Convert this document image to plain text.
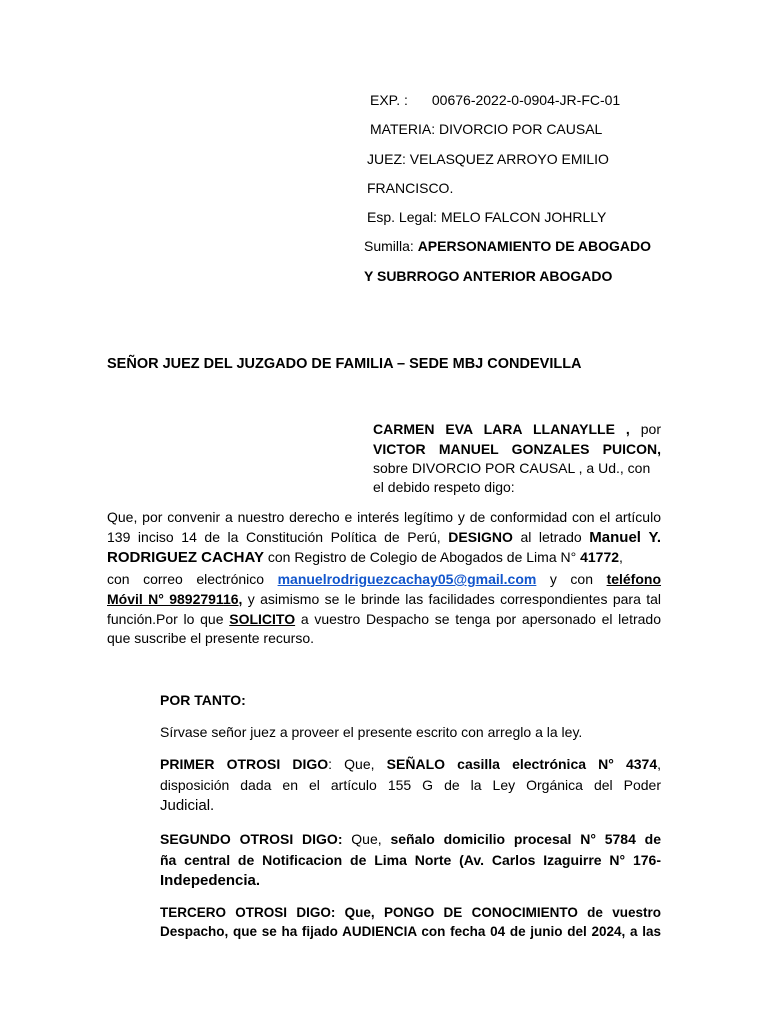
EXP. : 00676-2022-0-0904-JR-FC-01
MATERIA: DIVORCIO POR CAUSAL
JUEZ: VELASQUEZ ARROYO EMILIO
FRANCISCO.
Esp. Legal: MELO FALCON JOHRLLY
Sumilla: APERSONAMIENTO DE ABOGADO
Y SUBRROGO ANTERIOR ABOGADO
SEÑOR JUEZ DEL JUZGADO DE FAMILIA – SEDE MBJ CONDEVILLA
CARMEN EVA LARA LLANAYLLE , por
VICTOR MANUEL GONZALES PUICON,
sobre DIVORCIO POR CAUSAL , a Ud., con
el debido respeto digo:
Que, por convenir a nuestro derecho e interés legítimo y de conformidad con el artículo
139 inciso 14 de la Constitución Política de Perú, DESIGNO al letrado Manuel Y.
RODRIGUEZ CACHAY con Registro de Colegio de Abogados de Lima N° 41772,
con correo electrónico manuelrodriguezcachay05@gmail.com y con teléfono
Móvil N° 989279116, y asimismo se le brinde las facilidades correspondientes para tal
función.Por lo que SOLICITO a vuestro Despacho se tenga por apersonado el letrado
que suscribe el presente recurso.
POR TANTO:
Sírvase señor juez a proveer el presente escrito con arreglo a la ley.
PRIMER OTROSI DIGO: Que, SEÑALO casilla electrónica N° 4374,
disposición dada en el artículo 155 G de la Ley Orgánica del Poder
Judicial.
SEGUNDO OTROSI DIGO: Que, señalo domicilio procesal N° 5784 de
ña central de Notificacion de Lima Norte (Av. Carlos Izaguirre N° 176-
Indepedencia.
TERCERO OTROSI DIGO: Que, PONGO DE CONOCIMIENTO de vuestro
Despacho, que se ha fijado AUDIENCIA con fecha 04 de junio del 2024, a las
